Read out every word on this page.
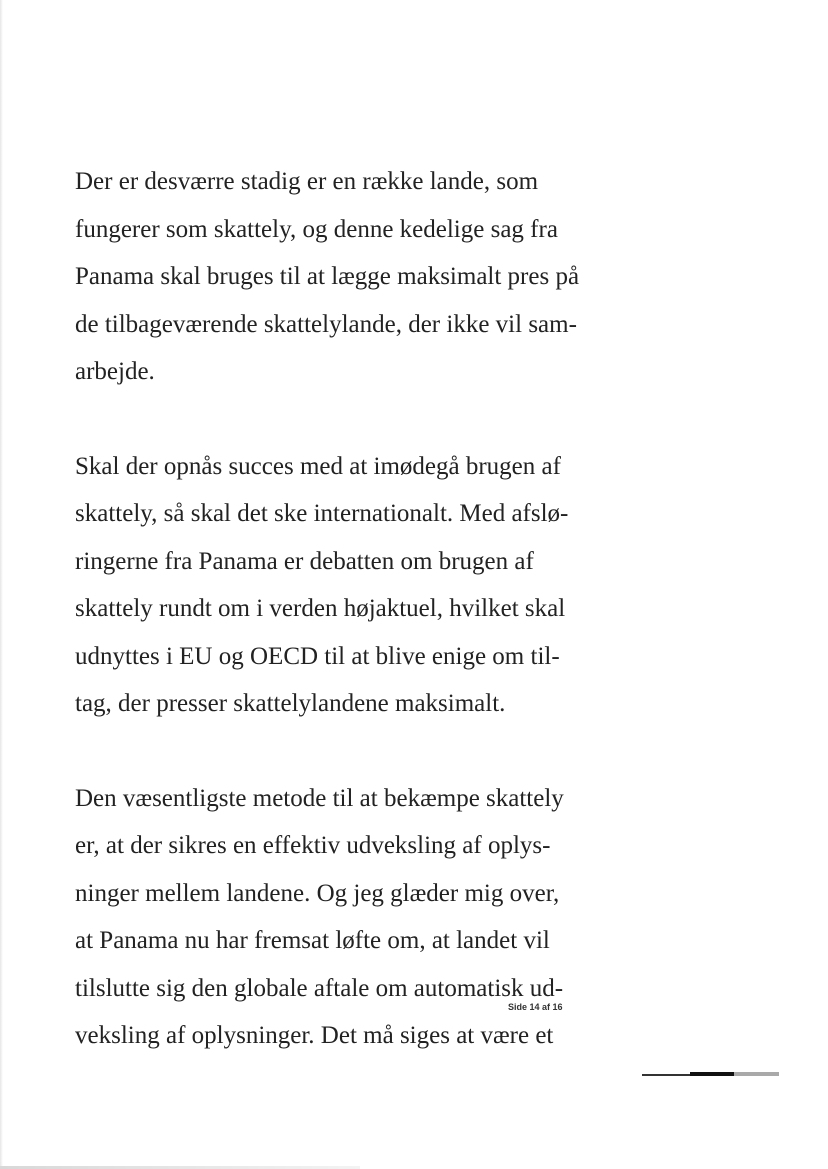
Der er desværre stadig er en række lande, som
fungerer som skattely, og denne kedelige sag fra
Panama skal bruges til at lægge maksimalt pres på
de tilbageværende skattelylande, der ikke vil sam-
arbejde.

Skal der opnås succes med at imødegå brugen af
skattely, så skal det ske internationalt. Med afslø-
ringerne fra Panama er debatten om brugen af
skattely rundt om i verden højaktuel, hvilket skal
udnyttes i EU og OECD til at blive enige om til-
tag, der presser skattelylandene maksimalt.

Den væsentligste metode til at bekæmpe skattely
er, at der sikres en effektiv udveksling af oplys-
ninger mellem landene. Og jeg glæder mig over,
at Panama nu har fremsat løfte om, at landet vil
tilslutte sig den globale aftale om automatisk ud-
veksling af oplysninger. Det må siges at være et

Side 14 af 16
